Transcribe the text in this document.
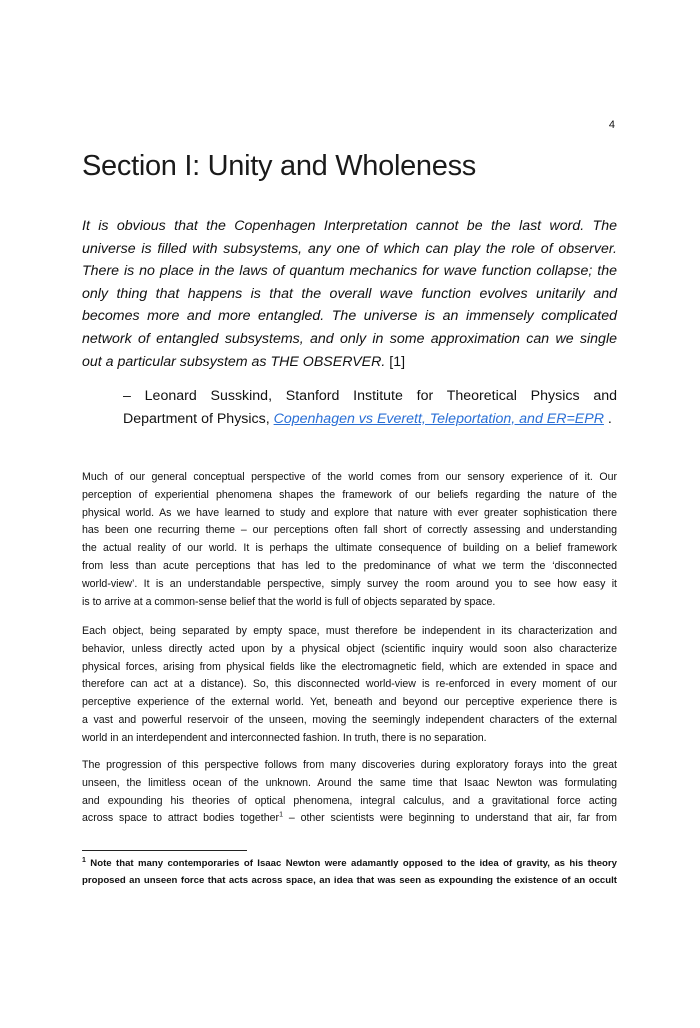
4
Section I: Unity and Wholeness
It is obvious that the Copenhagen Interpretation cannot be the last word. The
universe is filled with subsystems, any one of which can play the role of observer.
There is no place in the laws of quantum mechanics for wave function collapse; the
only thing that happens is that the overall wave function evolves unitarily and
becomes more and more entangled. The universe is an immensely complicated
network of entangled subsystems, and only in some approximation can we single
out a particular subsystem as THE OBSERVER. [1]
– Leonard Susskind, Stanford Institute for Theoretical Physics and
Department of Physics, Copenhagen vs Everett, Teleportation, and ER=EPR .
Much of our general conceptual perspective of the world comes from our sensory experience of it. Our
perception of experiential phenomena shapes the framework of our beliefs regarding the nature of the
physical world. As we have learned to study and explore that nature with ever greater sophistication there
has been one recurring theme – our perceptions often fall short of correctly assessing and understanding
the actual reality of our world. It is perhaps the ultimate consequence of building on a belief framework
from less than acute perceptions that has led to the predominance of what we term the ‘disconnected
world-view’. It is an understandable perspective, simply survey the room around you to see how easy it
is to arrive at a common-sense belief that the world is full of objects separated by space.
Each object, being separated by empty space, must therefore be independent in its characterization and
behavior, unless directly acted upon by a physical object (scientific inquiry would soon also characterize
physical forces, arising from physical fields like the electromagnetic field, which are extended in space and
therefore can act at a distance). So, this disconnected world-view is re-enforced in every moment of our
perceptive experience of the external world. Yet, beneath and beyond our perceptive experience there is
a vast and powerful reservoir of the unseen, moving the seemingly independent characters of the external
world in an interdependent and interconnected fashion. In truth, there is no separation.
The progression of this perspective follows from many discoveries during exploratory forays into the great
unseen, the limitless ocean of the unknown. Around the same time that Isaac Newton was formulating
and expounding his theories of optical phenomena, integral calculus, and a gravitational force acting
across space to attract bodies together$^1$ – other scientists were beginning to understand that air, far from
$^1$ Note that many contemporaries of Isaac Newton were adamantly opposed to the idea of gravity, as his theory
proposed an unseen force that acts across space, an idea that was seen as expounding the existence of an occult
